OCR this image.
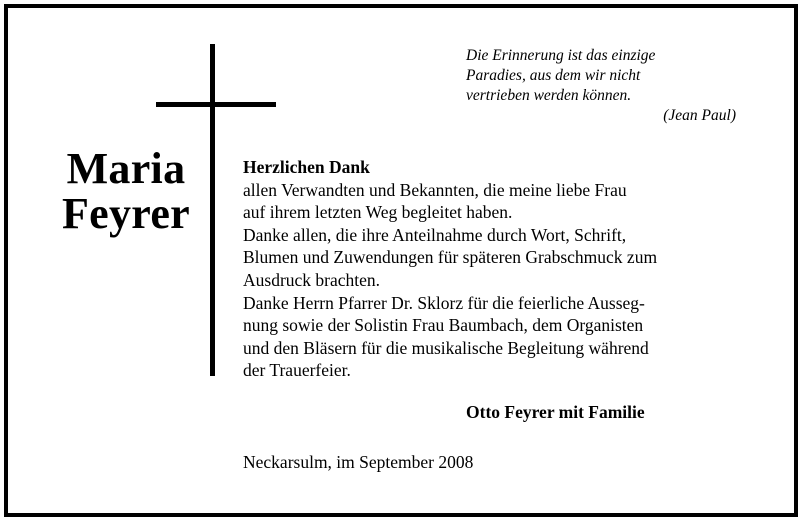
Maria
Feyrer
Die Erinnerung ist das einzige
Paradies, aus dem wir nicht
vertrieben werden können.
(Jean Paul)
Herzlichen Dank
allen Verwandten und Bekannten, die meine liebe Frau
auf ihrem letzten Weg begleitet haben.
Danke allen, die ihre Anteilnahme durch Wort, Schrift,
Blumen und Zuwendungen für späteren Grabschmuck zum
Ausdruck brachten.
Danke Herrn Pfarrer Dr. Sklorz für die feierliche Ausseg-
nung sowie der Solistin Frau Baumbach, dem Organisten
und den Bläsern für die musikalische Begleitung während
der Trauerfeier.
Otto Feyrer mit Familie
Neckarsulm, im September 2008
